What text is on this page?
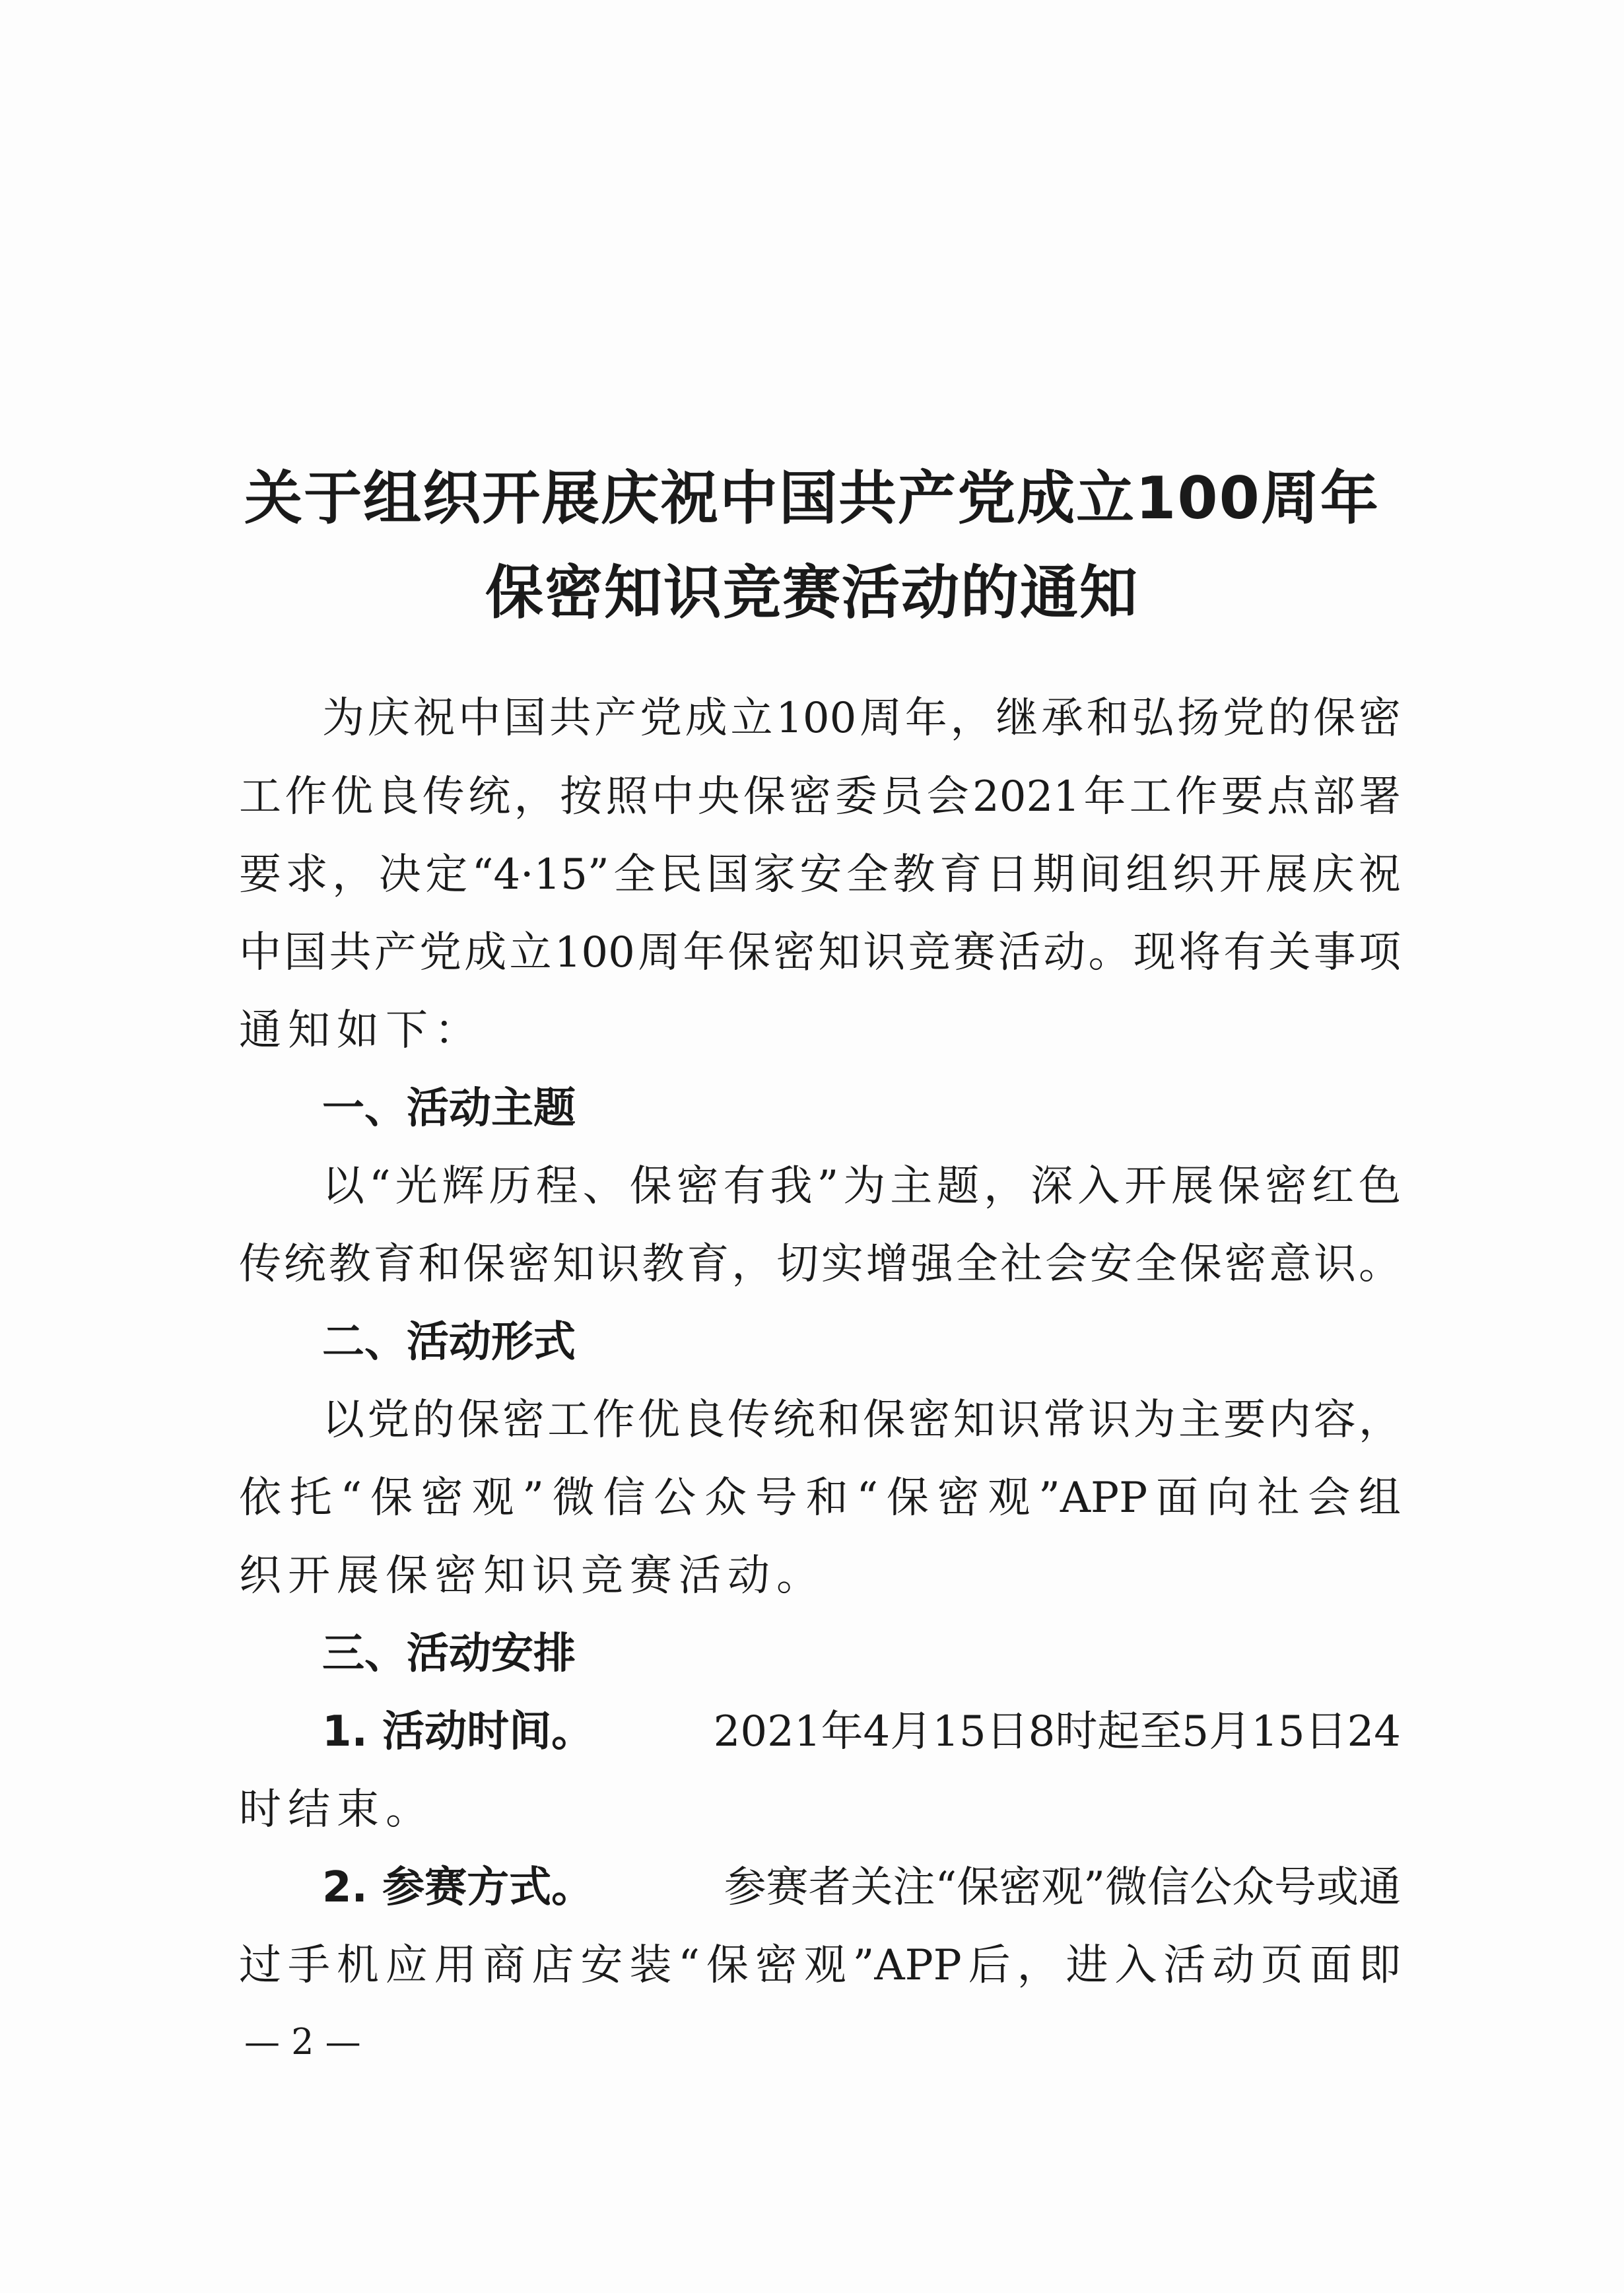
关于组织开展庆祝中国共产党成立100周年
保密知识竞赛活动的通知

为庆祝中国共产党成立100周年，继承和弘扬党的保密

工作优良传统，按照中央保密委员会2021年工作要点部署

要求，决定“4·15”全民国家安全教育日期间组织开展庆祝

中国共产党成立100周年保密知识竞赛活动。现将有关事项

通知如下：

一、活动主题

以“光辉历程、保密有我”为主题，深入开展保密红色

传统教育和保密知识教育，切实增强全社会安全保密意识。

二、活动形式

以党的保密工作优良传统和保密知识常识为主要内容，

依托“保密观”微信公众号和“保密观”APP面向社会组

织开展保密知识竞赛活动。

三、活动安排

1. 活动时间。	2021年4月15日8时起至5月15日24

时结束。

2. 参赛方式。	参赛者关注“保密观”微信公众号或通

过手机应用商店安装“保密观”APP后，进入活动页面即

— 2 —
